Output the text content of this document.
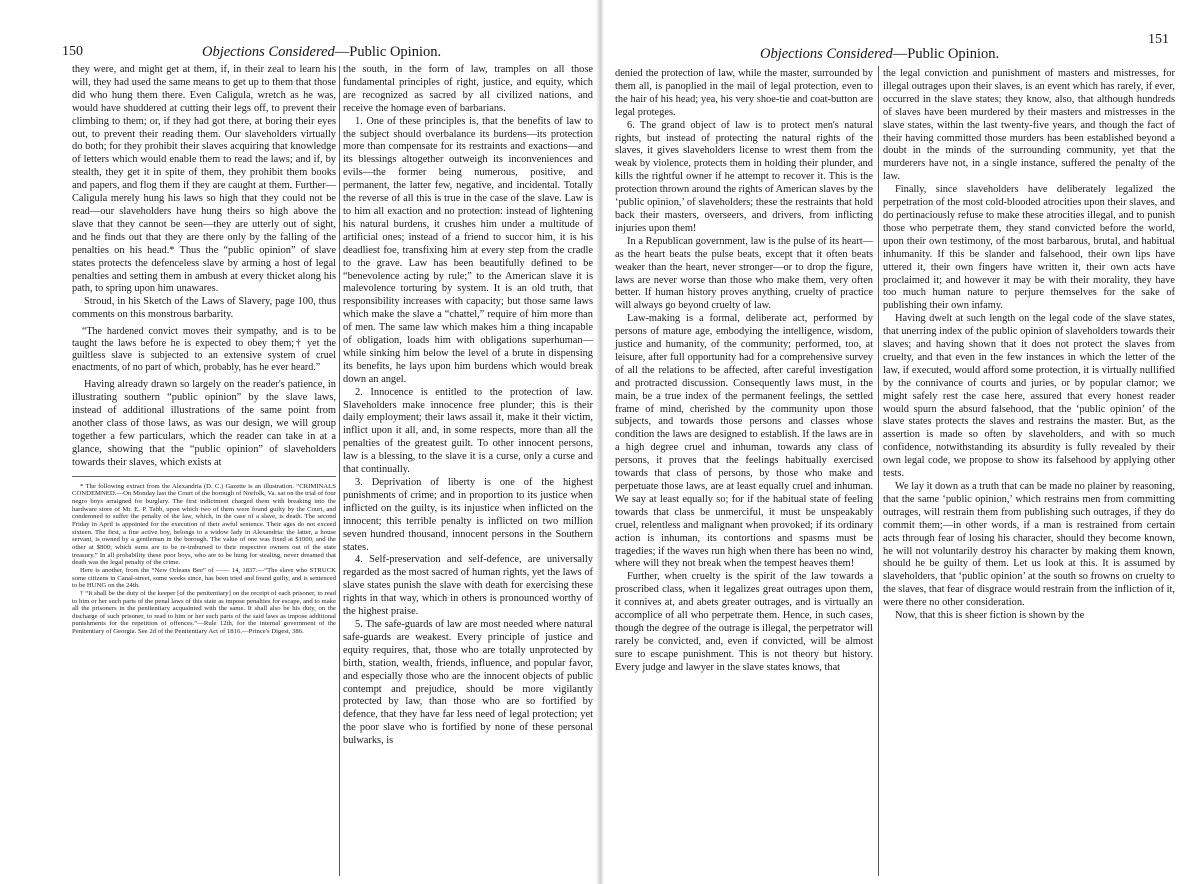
150	Objections Considered—Public Opinion.

they were, and might get at them, if, in their zeal to learn his will, they had used the same means to get up to them that those did who hung them there. Even Caligula, wretch as he was, would have shuddered at cutting their legs off, to prevent their climbing to them; or, if they had got there, at boring their eyes out, to prevent their reading them. Our slaveholders virtually do both; for they prohibit their slaves acquiring that knowledge of letters which would enable them to read the laws; and if, by stealth, they get it in spite of them, they prohibit them books and papers, and flog them if they are caught at them. Further—Caligula merely hung his laws so high that they could not be read—our slaveholders have hung theirs so high above the slave that they cannot be seen—they are utterly out of sight, and he finds out that they are there only by the falling of the penalties on his head.* Thus the “public opinion” of slave states protects the defenceless slave by arming a host of legal penalties and setting them in ambush at every thicket along his path, to spring upon him unawares.

Stroud, in his Sketch of the Laws of Slavery, page 100, thus comments on this monstrous barbarity.

“The hardened convict moves their sympathy, and is to be taught the laws before he is expected to obey them;† yet the guiltless slave is subjected to an extensive system of cruel enactments, of no part of which, probably, has he ever heard.”

Having already drawn so largely on the reader's patience, in illustrating southern “public opinion” by the slave laws, instead of additional illustrations of the same point from another class of those laws, as was our design, we will group together a few particulars, which the reader can take in at a glance, showing that the “public opinion” of slaveholders towards their slaves, which exists at

* The following extract from the Alexandria (D. C.) Gazette is an illustration. “CRIMINALS CONDEMNED.—On Monday last the Court of the borough of Norfolk, Va. sat on the trial of four negro boys arraigned for burglary. The first indictment charged them with breaking into the hardware store of Mr. E. P. Tabb, upon which two of them were found guilty by the Court, and condemned to suffer the penalty of the law, which, in the case of a slave, is death. The second Friday in April is appointed for the execution of their awful sentence. Their ages do not exceed sixteen. The first, a fine active boy, belongs to a widow lady in Alexandria: the latter, a house servant, is owned by a gentleman in the borough. The value of one was fixed at $1000, and the other at $800; which sums are to be re-imbursed to their respective owners out of the state treasury.” In all probability these poor boys, who are to be hung for stealing, never dreamed that death was the legal penalty of the crime.

Here is another, from the “New Orleans Bee” of —— 14, 1837.—“The slave who STRUCK some citizens in Canal-street, some weeks since, has been tried and found guilty, and is sentenced to be HUNG on the 24th.

† “It shall be the duty of the keeper [of the penitentiary] on the receipt of each prisoner, to read to him or her such parts of the penal laws of this state as impose penalties for escape, and to make all the prisoners in the penitentiary acquainted with the same. It shall also be his duty, on the discharge of such prisoner, to read to him or her such parts of the said laws as impose additional punishments for the repetition of offences.”—Rule 12th, for the internal government of the Penitentiary of Georgia. See 2d of the Penitentiary Act of 1816.—Prince's Digest, 386.

the south, in the form of law, tramples on all those fundamental principles of right, justice, and equity, which are recognized as sacred by all civilized nations, and receive the homage even of barbarians.

1. One of these principles is, that the benefits of law to the subject should overbalance its burdens—its protection more than compensate for its restraints and exactions—and its blessings altogether outweigh its inconveniences and evils—the former being numerous, positive, and permanent, the latter few, negative, and incidental. Totally the reverse of all this is true in the case of the slave. Law is to him all exaction and no protection: instead of lightening his natural burdens, it crushes him under a multitude of artificial ones; instead of a friend to succor him, it is his deadliest foe, transfixing him at every step from the cradle to the grave. Law has been beautifully defined to be “benevolence acting by rule;” to the American slave it is malevolence torturing by system. It is an old truth, that responsibility increases with capacity; but those same laws which make the slave a “chattel,” require of him more than of men. The same law which makes him a thing incapable of obligation, loads him with obligations superhuman—while sinking him below the level of a brute in dispensing its benefits, he lays upon him burdens which would break down an angel.

2. Innocence is entitled to the protection of law. Slaveholders make innocence free plunder; this is their daily employment; their laws assail it, make it their victim, inflict upon it all, and, in some respects, more than all the penalties of the greatest guilt. To other innocent persons, law is a blessing, to the slave it is a curse, only a curse and that continually.

3. Deprivation of liberty is one of the highest punishments of crime; and in proportion to its justice when inflicted on the guilty, is its injustice when inflicted on the innocent; this terrible penalty is inflicted on two million seven hundred thousand, innocent persons in the Southern states.

4. Self-preservation and self-defence, are universally regarded as the most sacred of human rights, yet the laws of slave states punish the slave with death for exercising these rights in that way, which in others is pronounced worthy of the highest praise.

5. The safe-guards of law are most needed where natural safe-guards are weakest. Every principle of justice and equity requires, that, those who are totally unprotected by birth, station, wealth, friends, influence, and popular favor, and especially those who are the innocent objects of public contempt and prejudice, should be more vigilantly protected by law, than those who are so fortified by defence, that they have far less need of legal protection; yet the poor slave who is fortified by none of these personal bulwarks, is

Objections Considered—Public Opinion.
151

denied the protection of law, while the master, surrounded by them all, is panoplied in the mail of legal protection, even to the hair of his head; yea, his very shoe-tie and coat-button are legal proteges.

6. The grand object of law is to protect men's natural rights, but instead of protecting the natural rights of the slaves, it gives slaveholders license to wrest them from the weak by violence, protects them in holding their plunder, and kills the rightful owner if he attempt to recover it. This is the protection thrown around the rights of American slaves by the ‘public opinion,’ of slaveholders; these the restraints that hold back their masters, overseers, and drivers, from inflicting injuries upon them!

In a Republican government, law is the pulse of its heart—as the heart beats the pulse beats, except that it often beats weaker than the heart, never stronger—or to drop the figure, laws are never worse than those who make them, very often better. If human history proves anything, cruelty of practice will always go beyond cruelty of law.

Law-making is a formal, deliberate act, performed by persons of mature age, embodying the intelligence, wisdom, justice and humanity, of the community; performed, too, at leisure, after full opportunity had for a comprehensive survey of all the relations to be affected, after careful investigation and protracted discussion. Consequently laws must, in the main, be a true index of the permanent feelings, the settled frame of mind, cherished by the community upon those subjects, and towards those persons and classes whose condition the laws are designed to establish. If the laws are in a high degree cruel and inhuman, towards any class of persons, it proves that the feelings habitually exercised towards that class of persons, by those who make and perpetuate those laws, are at least equally cruel and inhuman. We say at least equally so; for if the habitual state of feeling towards that class be unmerciful, it must be unspeakably cruel, relentless and malignant when provoked; if its ordinary action is inhuman, its contortions and spasms must be tragedies; if the waves run high when there has been no wind, where will they not break when the tempest heaves them!

Further, when cruelty is the spirit of the law towards a proscribed class, when it legalizes great outrages upon them, it connives at, and abets greater outrages, and is virtually an accomplice of all who perpetrate them. Hence, in such cases, though the degree of the outrage is illegal, the perpetrator will rarely be convicted, and, even if convicted, will be almost sure to escape punishment. This is not theory but history. Every judge and lawyer in the slave states knows, that

the legal conviction and punishment of masters and mistresses, for illegal outrages upon their slaves, is an event which has rarely, if ever, occurred in the slave states; they know, also, that although hundreds of slaves have been murdered by their masters and mistresses in the slave states, within the last twenty-five years, and though the fact of their having committed those murders has been established beyond a doubt in the minds of the surrounding community, yet that the murderers have not, in a single instance, suffered the penalty of the law.

Finally, since slaveholders have deliberately legalized the perpetration of the most cold-blooded atrocities upon their slaves, and do pertinaciously refuse to make these atrocities illegal, and to punish those who perpetrate them, they stand convicted before the world, upon their own testimony, of the most barbarous, brutal, and habitual inhumanity. If this be slander and falsehood, their own lips have uttered it, their own fingers have written it, their own acts have proclaimed it; and however it may be with their morality, they have too much human nature to perjure themselves for the sake of publishing their own infamy.

Having dwelt at such length on the legal code of the slave states, that unerring index of the public opinion of slaveholders towards their slaves; and having shown that it does not protect the slaves from cruelty, and that even in the few instances in which the letter of the law, if executed, would afford some protection, it is virtually nullified by the connivance of courts and juries, or by popular clamor; we might safely rest the case here, assured that every honest reader would spurn the absurd falsehood, that the ‘public opinion’ of the slave states protects the slaves and restrains the master. But, as the assertion is made so often by slaveholders, and with so much confidence, notwithstanding its absurdity is fully revealed by their own legal code, we propose to show its falsehood by applying other tests.

We lay it down as a truth that can be made no plainer by reasoning, that the same ‘public opinion,’ which restrains men from committing outrages, will restrain them from publishing such outrages, if they do commit them;—in other words, if a man is restrained from certain acts through fear of losing his character, should they become known, he will not voluntarily destroy his character by making them known, should he be guilty of them. Let us look at this. It is assumed by slaveholders, that ‘public opinion’ at the south so frowns on cruelty to the slaves, that fear of disgrace would restrain from the infliction of it, were there no other consideration.

Now, that this is sheer fiction is shown by the
